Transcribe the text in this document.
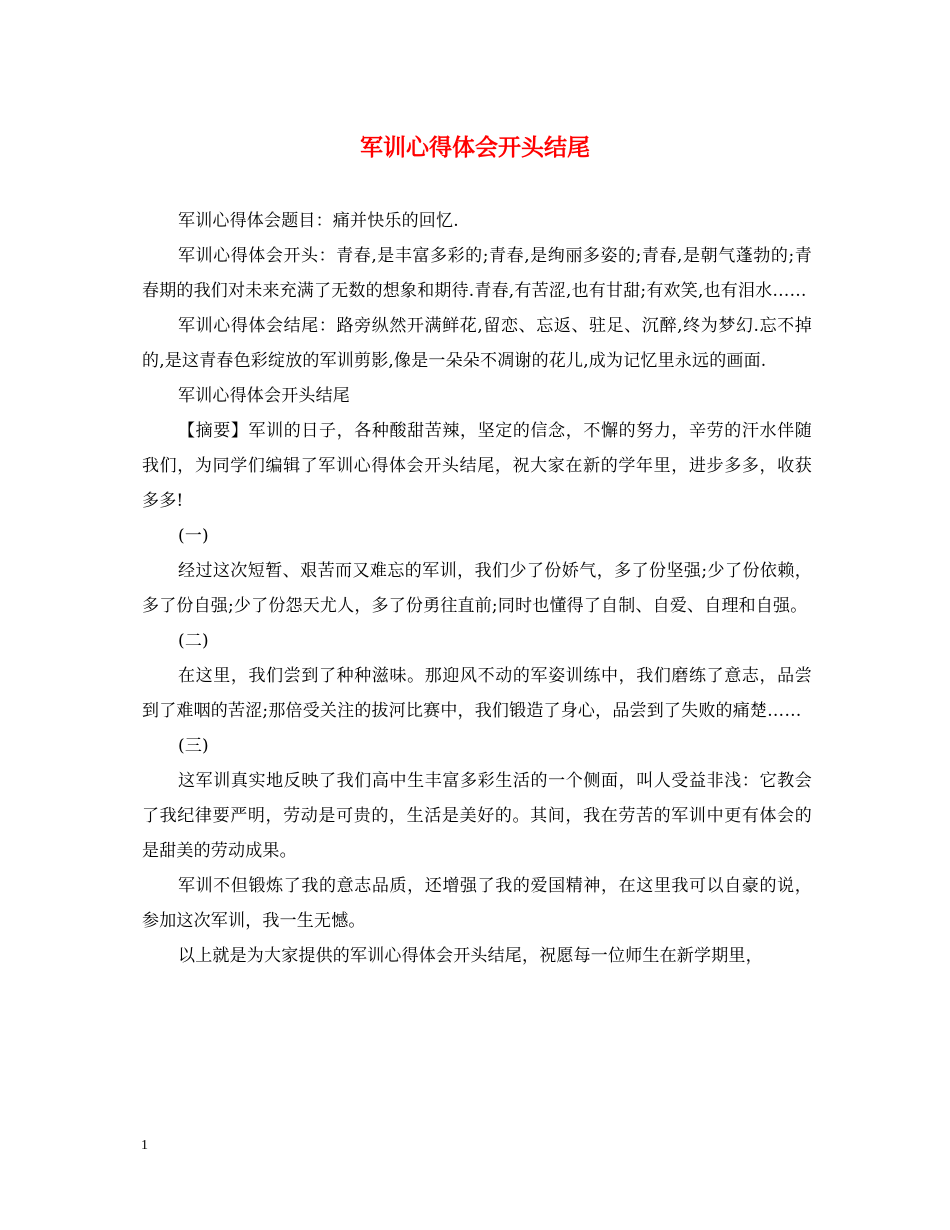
军训心得体会开头结尾

军训心得体会题目：痛并快乐的回忆.

军训心得体会开头：青春,是丰富多彩的;青春,是绚丽多姿的;青春,是朝气蓬勃的;青春期的我们对未来充满了无数的想象和期待.青春,有苦涩,也有甘甜;有欢笑,也有泪水……

军训心得体会结尾：路旁纵然开满鲜花,留恋、忘返、驻足、沉醉,终为梦幻.忘不掉的,是这青春色彩绽放的军训剪影,像是一朵朵不凋谢的花儿,成为记忆里永远的画面.

军训心得体会开头结尾

【摘要】军训的日子，各种酸甜苦辣，坚定的信念，不懈的努力，辛劳的汗水伴随我们，为同学们编辑了军训心得体会开头结尾，祝大家在新的学年里，进步多多，收获多多!

(一)

经过这次短暂、艰苦而又难忘的军训，我们少了份娇气，多了份坚强;少了份依赖，多了份自强;少了份怨天尤人，多了份勇往直前;同时也懂得了自制、自爱、自理和自强。

(二)

在这里，我们尝到了种种滋味。那迎风不动的军姿训练中，我们磨练了意志，品尝到了难咽的苦涩;那倍受关注的拔河比赛中，我们锻造了身心，品尝到了失败的痛楚……

(三)

这军训真实地反映了我们高中生丰富多彩生活的一个侧面，叫人受益非浅：它教会了我纪律要严明，劳动是可贵的，生活是美好的。其间，我在劳苦的军训中更有体会的是甜美的劳动成果。

军训不但锻炼了我的意志品质，还增强了我的爱国精神，在这里我可以自豪的说，参加这次军训，我一生无憾。

以上就是为大家提供的军训心得体会开头结尾，祝愿每一位师生在新学期里，

1
